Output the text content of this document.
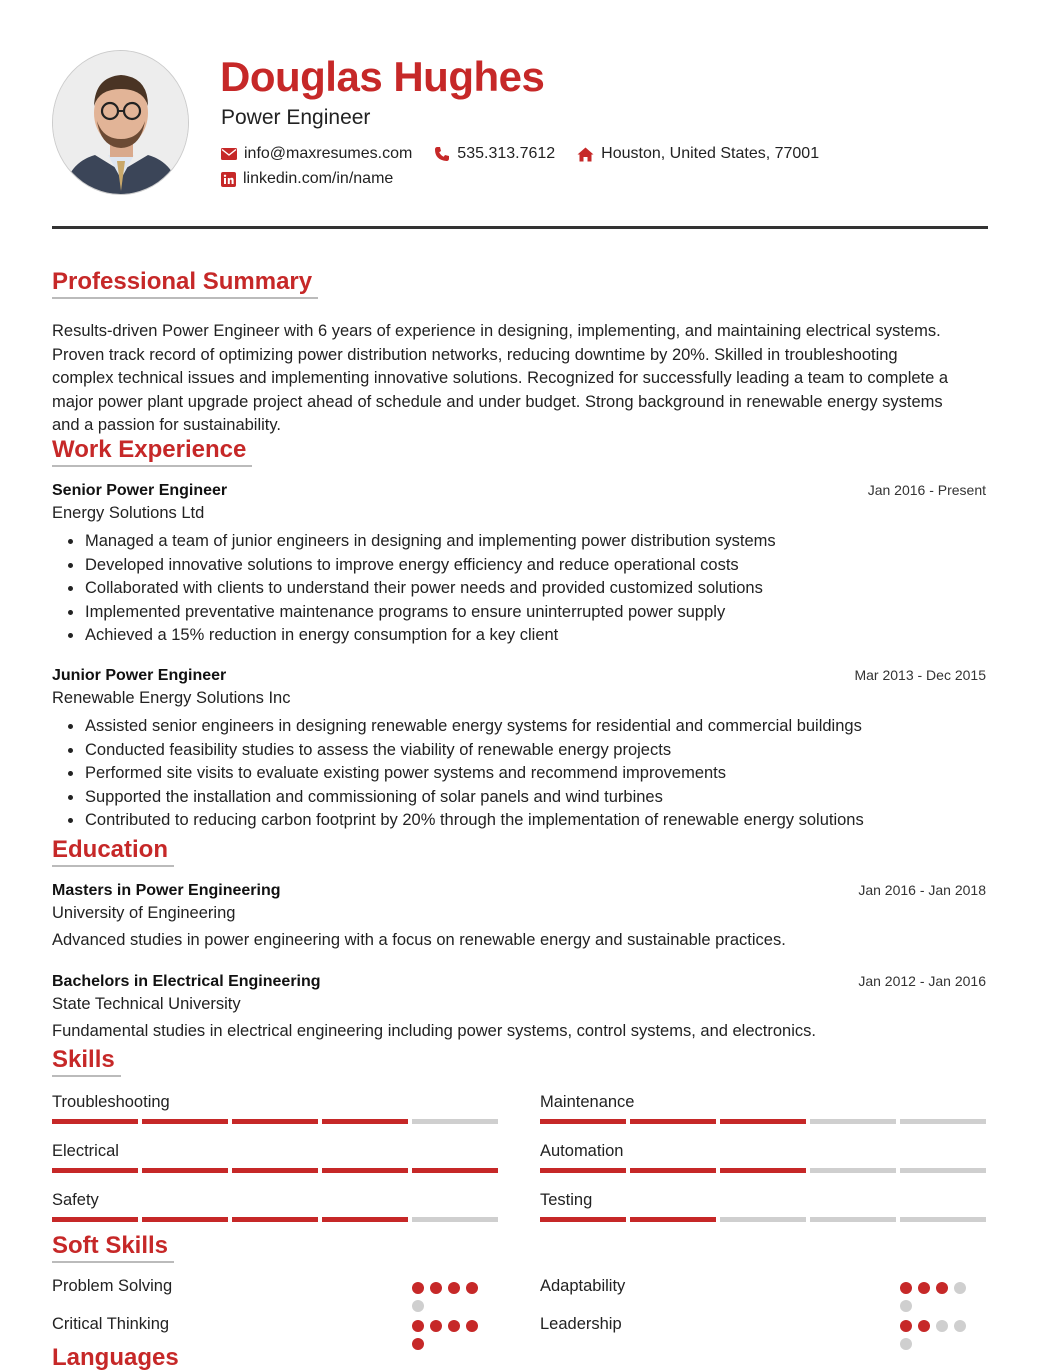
Douglas Hughes
Power Engineer
info@maxresumes.com	535.313.7612	Houston, United States, 77001
linkedin.com/in/name
Professional Summary
Results-driven Power Engineer with 6 years of experience in designing, implementing, and maintaining electrical systems. Proven track record of optimizing power distribution networks, reducing downtime by 20%. Skilled in troubleshooting complex technical issues and implementing innovative solutions. Recognized for successfully leading a team to complete a major power plant upgrade project ahead of schedule and under budget. Strong background in renewable energy systems and a passion for sustainability.
Work Experience
Senior Power Engineer	Jan 2016 - Present
Energy Solutions Ltd
• Managed a team of junior engineers in designing and implementing power distribution systems
• Developed innovative solutions to improve energy efficiency and reduce operational costs
• Collaborated with clients to understand their power needs and provided customized solutions
• Implemented preventative maintenance programs to ensure uninterrupted power supply
• Achieved a 15% reduction in energy consumption for a key client
Junior Power Engineer	Mar 2013 - Dec 2015
Renewable Energy Solutions Inc
• Assisted senior engineers in designing renewable energy systems for residential and commercial buildings
• Conducted feasibility studies to assess the viability of renewable energy projects
• Performed site visits to evaluate existing power systems and recommend improvements
• Supported the installation and commissioning of solar panels and wind turbines
• Contributed to reducing carbon footprint by 20% through the implementation of renewable energy solutions
Education
Masters in Power Engineering	Jan 2016 - Jan 2018
University of Engineering
Advanced studies in power engineering with a focus on renewable energy and sustainable practices.
Bachelors in Electrical Engineering	Jan 2012 - Jan 2016
State Technical University
Fundamental studies in electrical engineering including power systems, control systems, and electronics.
Skills
Troubleshooting	Maintenance
Electrical	Automation
Safety	Testing
Soft Skills
Problem Solving	Adaptability
Critical Thinking	Leadership
Languages
